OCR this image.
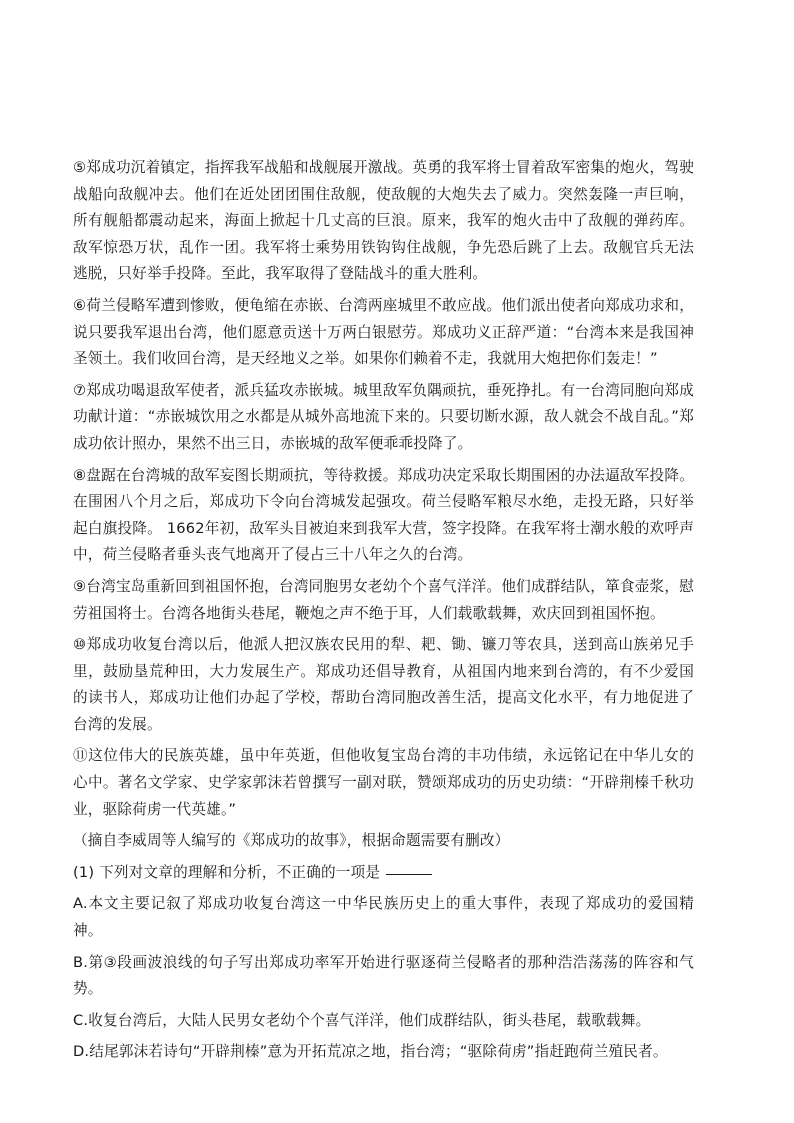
⑤郑成功沉着镇定，指挥我军战船和战舰展开激战。英勇的我军将士冒着敌军密集的炮火，驾驶战船向敌舰冲去。他们在近处团团围住敌舰，使敌舰的大炮失去了威力。突然轰隆一声巨响，所有舰船都震动起来，海面上掀起十几丈高的巨浪。原来，我军的炮火击中了敌舰的弹药库。敌军惊恐万状，乱作一团。我军将士乘势用铁钩钩住战舰，争先恐后跳了上去。敌舰官兵无法逃脱，只好举手投降。至此，我军取得了登陆战斗的重大胜利。

⑥荷兰侵略军遭到惨败，便龟缩在赤嵌、台湾两座城里不敢应战。他们派出使者向郑成功求和，说只要我军退出台湾，他们愿意贡送十万两白银慰劳。郑成功义正辞严道：“台湾本来是我国神圣领土。我们收回台湾，是天经地义之举。如果你们赖着不走，我就用大炮把你们轰走！”

⑦郑成功喝退敌军使者，派兵猛攻赤嵌城。城里敌军负隅顽抗，垂死挣扎。有一台湾同胞向郑成功献计道：“赤嵌城饮用之水都是从城外高地流下来的。只要切断水源，敌人就会不战自乱。”郑成功依计照办，果然不出三日，赤嵌城的敌军便乖乖投降了。

⑧盘踞在台湾城的敌军妄图长期顽抗，等待救援。郑成功决定采取长期围困的办法逼敌军投降。在围困八个月之后，郑成功下令向台湾城发起强攻。荷兰侵略军粮尽水绝，走投无路，只好举起白旗投降。 1662年初，敌军头目被迫来到我军大营，签字投降。在我军将士潮水般的欢呼声中，荷兰侵略者垂头丧气地离开了侵占三十八年之久的台湾。

⑨台湾宝岛重新回到祖国怀抱，台湾同胞男女老幼个个喜气洋洋。他们成群结队，箪食壶浆，慰劳祖国将士。台湾各地街头巷尾，鞭炮之声不绝于耳，人们载歌载舞，欢庆回到祖国怀抱。

⑩郑成功收复台湾以后，他派人把汉族农民用的犁、耙、锄、镰刀等农具，送到高山族弟兄手里，鼓励垦荒种田，大力发展生产。郑成功还倡导教育，从祖国内地来到台湾的，有不少爱国的读书人，郑成功让他们办起了学校，帮助台湾同胞改善生活，提高文化水平，有力地促进了台湾的发展。

⑪这位伟大的民族英雄，虽中年英逝，但他收复宝岛台湾的丰功伟绩，永远铭记在中华儿女的心中。著名文学家、史学家郭沫若曾撰写一副对联，赞颂郑成功的历史功绩：“开辟荆榛千秋功业，驱除荷虏一代英雄。”

（摘自李威周等人编写的《郑成功的故事》，根据命题需要有删改）

(1) 下列对文章的理解和分析，不正确的一项是

A.本文主要记叙了郑成功收复台湾这一中华民族历史上的重大事件，表现了郑成功的爱国精神。

B.第③段画波浪线的句子写出郑成功率军开始进行驱逐荷兰侵略者的那种浩浩荡荡的阵容和气势。

C.收复台湾后，大陆人民男女老幼个个喜气洋洋，他们成群结队，街头巷尾，载歌载舞。

D.结尾郭沫若诗句“开辟荆榛”意为开拓荒凉之地，指台湾；“驱除荷虏”指赶跑荷兰殖民者。
